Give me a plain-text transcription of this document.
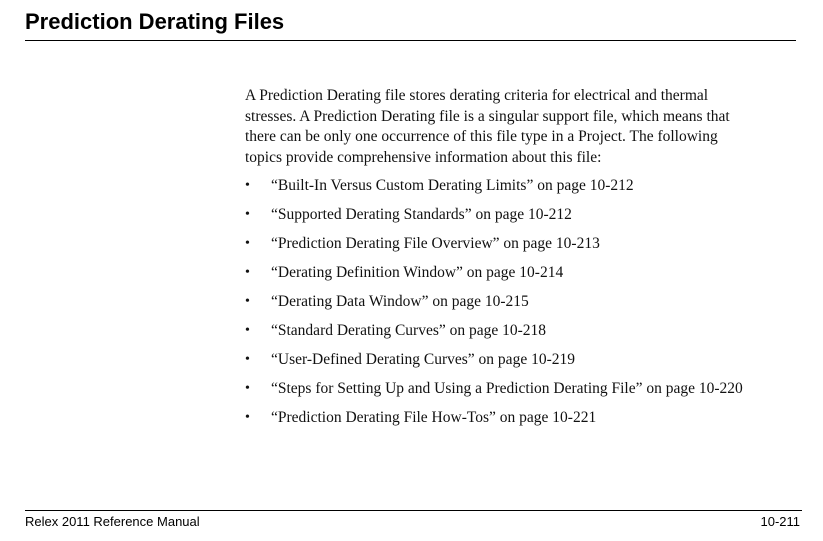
Prediction Derating Files

A Prediction Derating file stores derating criteria for electrical and thermal
stresses. A Prediction Derating file is a singular support file, which means that
there can be only one occurrence of this file type in a Project. The following
topics provide comprehensive information about this file:

• “Built-In Versus Custom Derating Limits” on page 10-212
• “Supported Derating Standards” on page 10-212
• “Prediction Derating File Overview” on page 10-213
• “Derating Definition Window” on page 10-214
• “Derating Data Window” on page 10-215
• “Standard Derating Curves” on page 10-218
• “User-Defined Derating Curves” on page 10-219
• “Steps for Setting Up and Using a Prediction Derating File” on page 10-220
• “Prediction Derating File How-Tos” on page 10-221
Relex 2011 Reference Manual	10-211
